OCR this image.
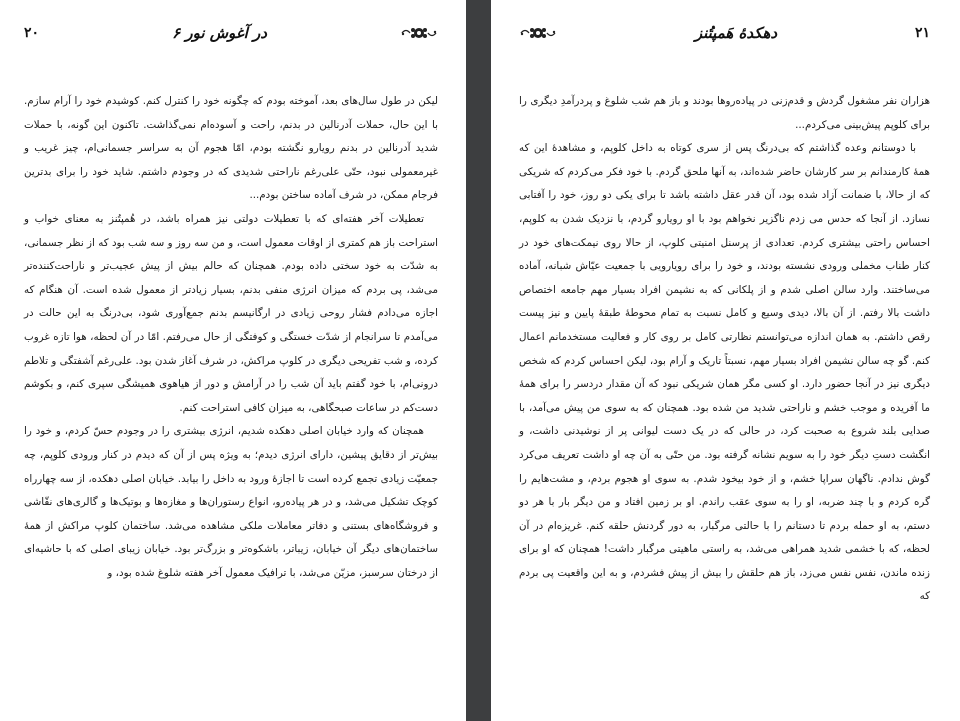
۲۰	در آغوش نور ۶

لیکن در طول سال‌های بعد، آموخته بودم که چگونه خود را کنترل کنم. کوشیدم خود را آرام سازم. با این حال، حملات آدرنالین در بدنم، راحت و آسوده‌ام نمی‌گذاشت. تاکنون این گونه، با حملات شدید آدرنالین در بدنم رویارو نگشته بودم، امّا هجوم آن به سراسر جسمانی‌ام، چیز غریب و غیرمعمولی نبود، حتّی علی‌رغم ناراحتی شدیدی که در وجودم داشتم. شاید خود را برای بدترین فرجام ممکن، در شرف آماده ساختن بودم...

تعطیلات آخر هفته‌ای که با تعطیلات دولتی نیز همراه باشد، در هُمپتُنز به معنای خواب و استراحت باز هم کمتری از اوقات معمول است، و من سه روز و سه شب بود که از نظر جسمانی، به شدّت به خود سختی داده بودم. همچنان که حالم بیش از پیش عجیب‌تر و ناراحت‌کننده‌تر می‌شد، پی بردم که میزان انرژی منفی بدنم، بسیار زیادتر از معمول شده است. آن هنگام که اجازه می‌دادم فشار روحی زیادی در ارگانیسم بدنم جمع‌آوری شود، بی‌درنگ به این حالت در می‌آمدم تا سرانجام از شدّت خستگی و کوفتگی از حال می‌رفتم. امّا در آن لحظه، هوا تازه غروب کرده، و شب تفریحی دیگری در کلوپ مراکش، در شرف آغاز شدن بود. علی‌رغم آشفتگی و تلاطم درونی‌ام، با خود گفتم باید آن شب را در آرامش و دور از هیاهوی همیشگی سپری کنم، و بکوشم دست‌کم در ساعات صبحگاهی، به میزان کافی استراحت کنم.

همچنان که وارد خیابان اصلی دهکده شدیم، انرژی بیشتری را در وجودم حسّ کردم، و خود را بیش‌تر از دقایق پیشین، دارای انرژی دیدم؛ به ویژه پس از آن که دیدم در کنار ورودی کلوپم، چه جمعیّت زیادی تجمع کرده است تا اجازهٔ ورود به داخل را بیابد. خیابان اصلی دهکده، از سه چهارراه کوچک تشکیل می‌شد، و در هر پیاده‌رو، انواع رستوران‌ها و مغازه‌ها و بوتیک‌ها و گالری‌های نقّاشی و فروشگاه‌های بستنی و دفاتر معاملات ملکی مشاهده می‌شد. ساختمان کلوپ مراکش از همهٔ ساختمان‌های دیگر آن خیابان، زیباتر، باشکوه‌تر و بزرگ‌تر بود. خیابان زیبای اصلی که با حاشیه‌ای از درختان سرسبز، مزیّن می‌شد، با ترافیک معمول آخر هفته شلوغ شده بود، و

دهکدهٔ هَمپتُنز	۲۱

هزاران نفر مشغول گردش و قدم‌زنی در پیاده‌روها بودند و باز هم شب شلوغ و پردرآمدِ دیگری را برای کلوپم پیش‌بینی می‌کردم...

با دوستانم وعده گذاشتم که بی‌درنگ پس از سری کوتاه به داخل کلوپم، و مشاهدهٔ این که همهٔ کارمندانم بر سر کارشان حاضر شده‌اند، به آنها ملحق گردم. با خود فکر می‌کردم که شریکی که از حالا، با ضمانت آزاد شده بود، آن قدر عقل داشته باشد تا برای یکی دو روز، خود را آفتابی نسازد. از آنجا که حدس می زدم ناگزیر نخواهم بود با او رویارو گردم، با نزدیک شدن به کلوپم، احساس راحتی بیشتری کردم. تعدادی از پرسنل امنیتی کلوپ، از حالا روی نیمکت‌های خود در کنار طناب مخملی ورودی نشسته بودند، و خود را برای رویارویی با جمعیت عیّاش شبانه، آماده می‌ساختند. وارد سالن اصلی شدم و از پلکانی که به نشیمن افراد بسیار مهم جامعه اختصاص داشت بالا رفتم. از آن بالا، دیدی وسیع و کامل نسبت به تمام محوطهٔ طبقهٔ پایین و نیز پیست رقص داشتم. به همان اندازه می‌توانستم نظارتی کامل بر روی کار و فعالیت مستخدمانم اعمال کنم. گو چه سالن نشیمن افراد بسیار مهم، نسبتاً تاریک و آرام بود، لیکن احساس کردم که شخص دیگری نیز در آنجا حضور دارد. او کسی مگر همان شریکی نبود که آن مقدار دردسر را برای همهٔ ما آفریده و موجب خشم و ناراحتی شدید من شده بود. همچنان که به سوی من پیش می‌آمد، با صدایی بلند شروع به صحبت کرد، در حالی که در یک دست لیوانی پر از نوشیدنی داشت، و انگشت دستِ دیگر خود را به سویم نشانه گرفته بود. من حتّی به آن چه او داشت تعریف می‌کرد گوش ندادم. ناگهان سراپا خشم، و از خود بیخود شدم. به سوی او هجوم بردم، و مشت‌هایم را گره کردم و با چند ضربه، او را به سوی عقب راندم. او بر زمین افتاد و من دیگر بار با هر دو دستم، به او حمله بردم تا دستانم را با حالتی مرگبار، به دور گردنش حلقه کنم. غریزه‌ام در آن لحظه، که با خشمی شدید همراهی می‌شد، به راستی ماهیتی مرگبار داشت! همچنان که او برای زنده ماندن، نفس نفس می‌زد، باز هم حلقش را بیش از پیش فشردم، و به این واقعیت پی بردم که
